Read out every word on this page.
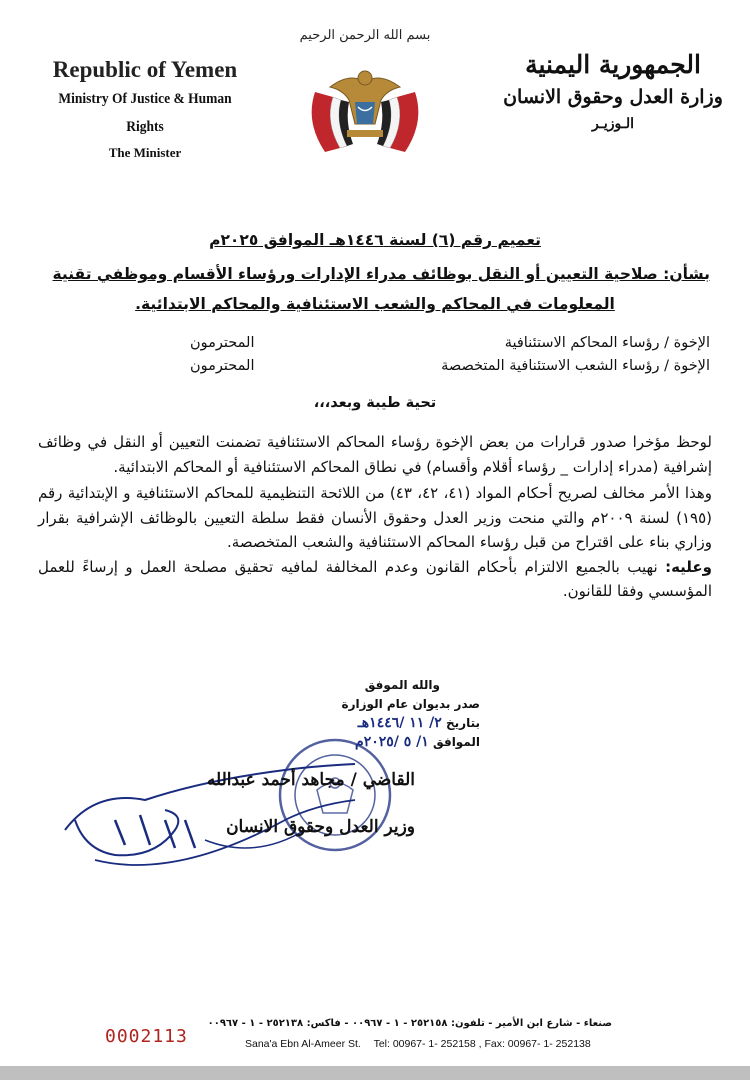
Republic of Yemen
Ministry Of Justice & Human Rights
The Minister
بسم الله الرحمن الرحيم
الجمهورية اليمنية
وزارة العدل وحقوق الانسان
الـوزيـر
تعميم رقم (٦) لسنة ١٤٤٦هـ الموافق ٢٠٢٥م
بشأن: صلاحية التعيين أو النقل بوظائف مدراء الإدارات ورؤساء الأقسام وموظفي تقنية
المعلومات في المحاكم والشعب الاستئنافية والمحاكم الابتدائية.
الإخوة / رؤساء المحاكم الاستئنافية
المحترمون
الإخوة / رؤساء الشعب الاستئنافية المتخصصة
المحترمون
تحية طيبة وبعد،،،

لوحظ مؤخرا صدور قرارات من بعض الإخوة رؤساء المحاكم الاستئنافية تضمنت التعيين أو النقل في وظائف إشرافية (مدراء إدارات _ رؤساء أقلام وأقسام) في نطاق المحاكم الاستئنافية أو المحاكم الابتدائية.

وهذا الأمر مخالف لصريح أحكام المواد (٤١، ٤٢، ٤٣) من اللائحة التنظيمية للمحاكم الاستئنافية و الإبتدائية رقم (١٩٥) لسنة ٢٠٠٩م والتي منحت وزير العدل وحقوق الأنسان فقط سلطة التعيين بالوظائف الإشرافية بقرار وزاري بناء على اقتراح من قبل رؤساء المحاكم الاستئنافية والشعب المتخصصة.

وعليه: نهيب بالجميع الالتزام بأحكام القانون وعدم المخالفة لمافيه تحقيق مصلحة العمل و إرساءً للعمل المؤسسي وفقا للقانون.

والله الموفق
صدر بديوان عام الوزارة
بتاريخ ٢/ ١١ /١٤٤٦هـ
الموافق ١/ ٥ /٢٠٢٥م
القاضي / مجاهد أحمد عبدالله
وزير العدل وحقوق الانسان
0002113
صنعاء - شارع ابن الأمير - تلفون: ٢٥٢١٥٨ - ١ - ٠٠٩٦٧ - فاكس: ٢٥٢١٣٨ - ١ - ٠٠٩٦٧
Sana'a Ebn Al-Ameer St. Tel: 00967- 1- 252158 , Fax: 00967- 1- 252138
